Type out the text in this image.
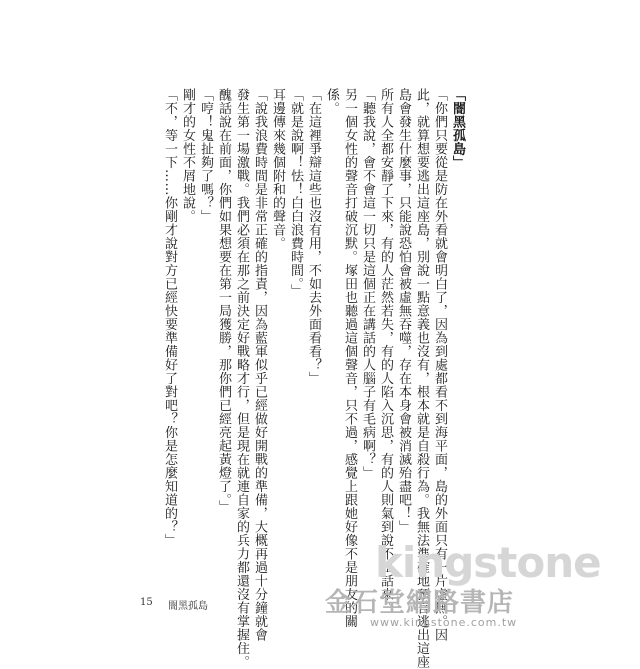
「闇黑孤島」
「你們只要從是防在外看就會明白了，因為到處都看不到海平面，島的外面只有一片虛無。因
此，就算想要逃出這座島，別說一點意義也沒有，根本就是自殺行為。我無法準確地預言逃出這座
島會發生什麼事，只能說恐怕會被虛無吞噬，存在本身會被消滅殆盡吧！」
所有人全都安靜了下來，有的人茫然若失，有的人陷入沉思，有的人則氣到說不出話來。
「聽我說，會不會這一切只是這個正在講話的人腦子有毛病啊？」
另一個女性的聲音打破沉默。塚田也聽過這個聲音，只不過，感覺上跟她好像不是朋友的關
係。
「在這裡爭辯這些也沒有用，不如去外面看看？」
「就是說啊！怯！白白浪費時間。」
耳邊傳來幾個附和的聲音。
「說我浪費時間是非常正確的指責，因為藍軍似乎已經做好開戰的準備，大概再過十分鐘就會
發生第一場激戰。我們必須在那之前決定好戰略才行，但是現在就連自家的兵力都還沒有掌握住。
醜話說在前面，你們如果想要在第一局獲勝，那你們已經亮起黃燈了。」
「哼！鬼扯夠了嗎？」
剛才的女性不屑地說。
「不，等一下……你剛才說對方已經快要準備好了對吧？你是怎麼知道的？」
15 闇黑孤島
kingstone
金石堂網路書店
www.kingstone.com.tw
